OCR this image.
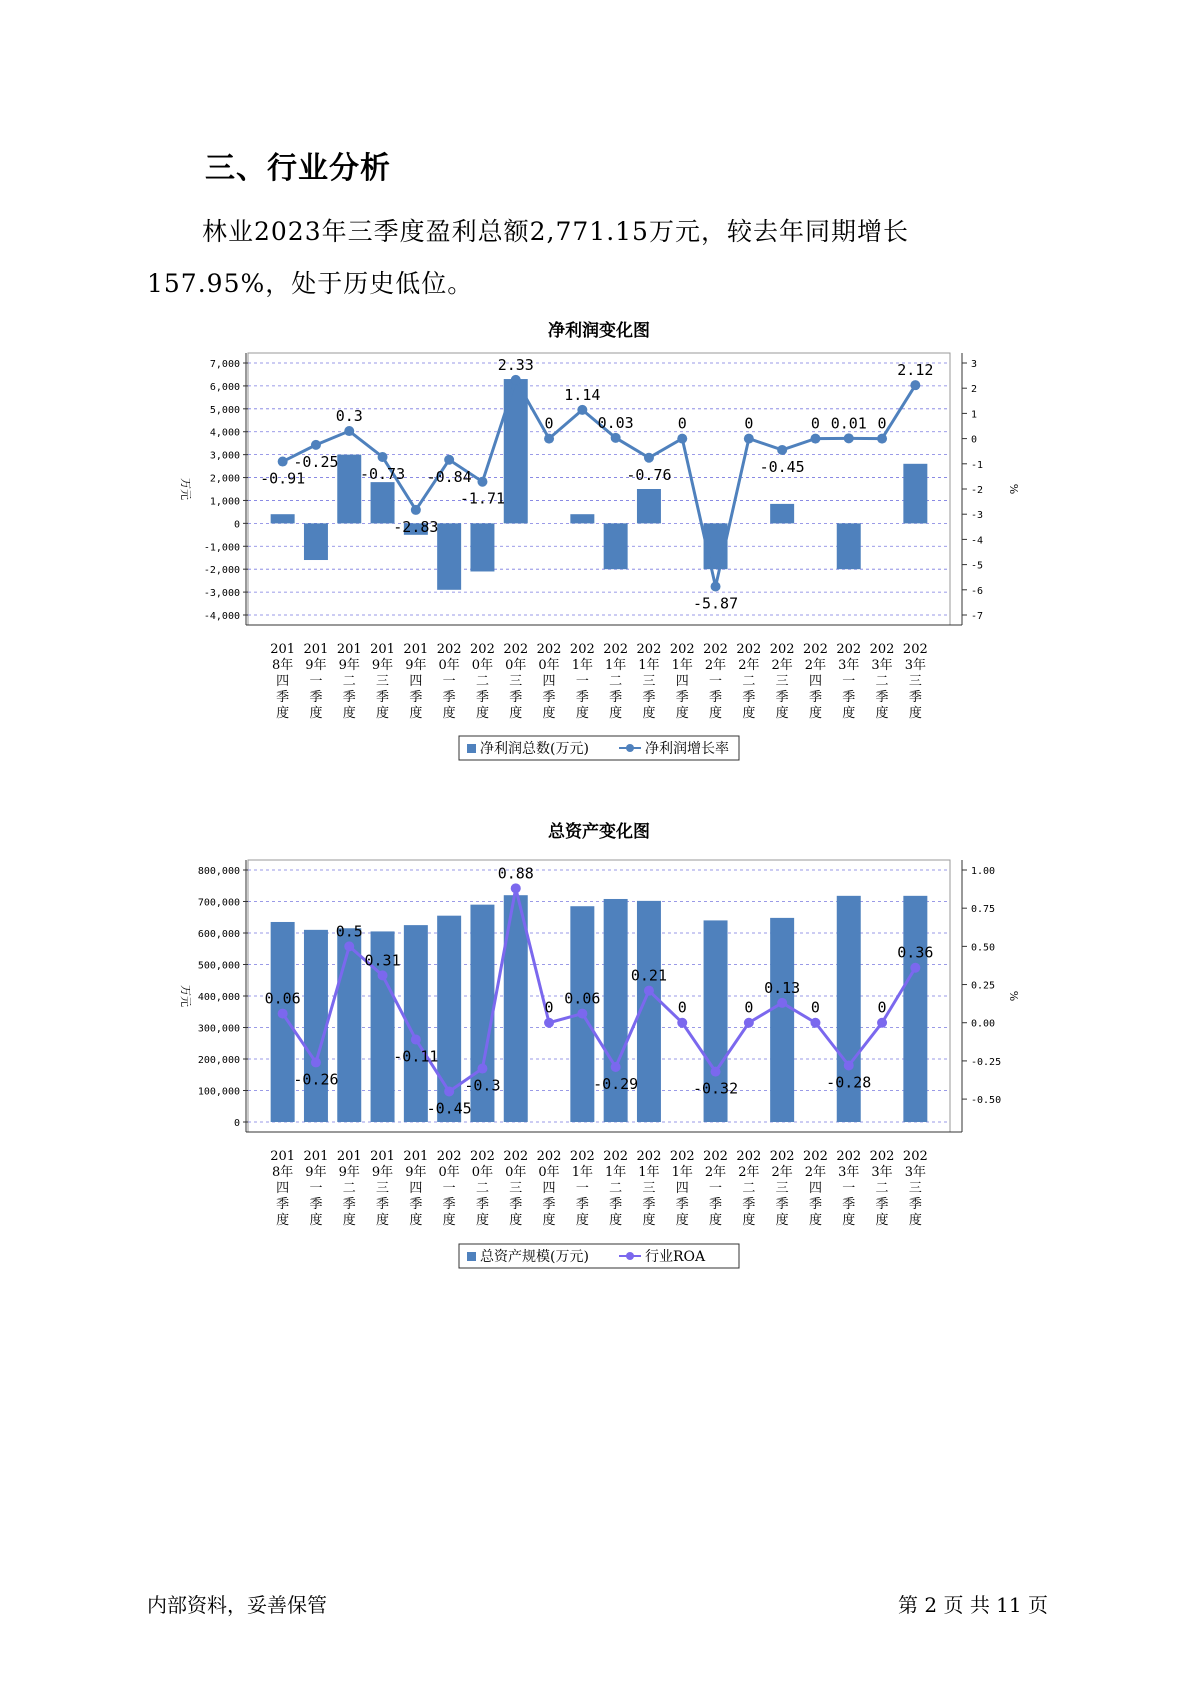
三、行业分析

林业2023年三季度盈利总额2,771.15万元，较去年同期增长157.95%，处于历史低位。

净利润变化图
7,000
6,000
5,000
4,000
3,000
2,000
1,000
0
-1,000
-2,000
-3,000
-4,000
万元
3
2
1
0
-1
-2
-3
-4
-5
-6
-7
%
-0.91
-0.25
0.3
-0.73
-2.83
-0.84
-1.71
2.33
0
1.14
0.03
-0.76
0
-5.87
0
-0.45
0 0.01 0
2.12
201
8年
四
季
度
201
9年
一
季
度
201
9年
二
季
度
201
9年
三
季
度
201
9年
四
季
度
202
0年
一
季
度
202
0年
二
季
度
202
0年
三
季
度
202
0年
四
季
度
202
1年
一
季
度
202
1年
二
季
度
202
1年
三
季
度
202
1年
四
季
度
202
2年
一
季
度
202
2年
二
季
度
202
2年
三
季
度
202
2年
四
季
度
202
3年
一
季
度
202
3年
二
季
度
202
3年
三
季
度
净利润总数(万元)	净利润增长率
总资产变化图
800,000
700,000
600,000
500,000
400,000
300,000
200,000
100,000
0
万元
1.00
0.75
0.50
0.25
0.00
-0.25
-0.50
%
0.06
-0.26
0.5
0.31
-0.11
-0.45
-0.3
0.88
0
0.06
-0.29
0.21
0
-0.32
0
0.13
0
-0.28
0
0.36
201
8年
四
季
度
201
9年
一
季
度
201
9年
二
季
度
201
9年
三
季
度
201
9年
四
季
度
202
0年
一
季
度
202
0年
二
季
度
202
0年
三
季
度
202
0年
四
季
度
202
1年
一
季
度
202
1年
二
季
度
202
1年
三
季
度
202
1年
四
季
度
202
2年
一
季
度
202
2年
二
季
度
202
2年
三
季
度
202
2年
四
季
度
202
3年
一
季
度
202
3年
二
季
度
202
3年
三
季
度
总资产规模(万元)	行业ROA
内部资料，妥善保管	第 2 页 共 11 页
